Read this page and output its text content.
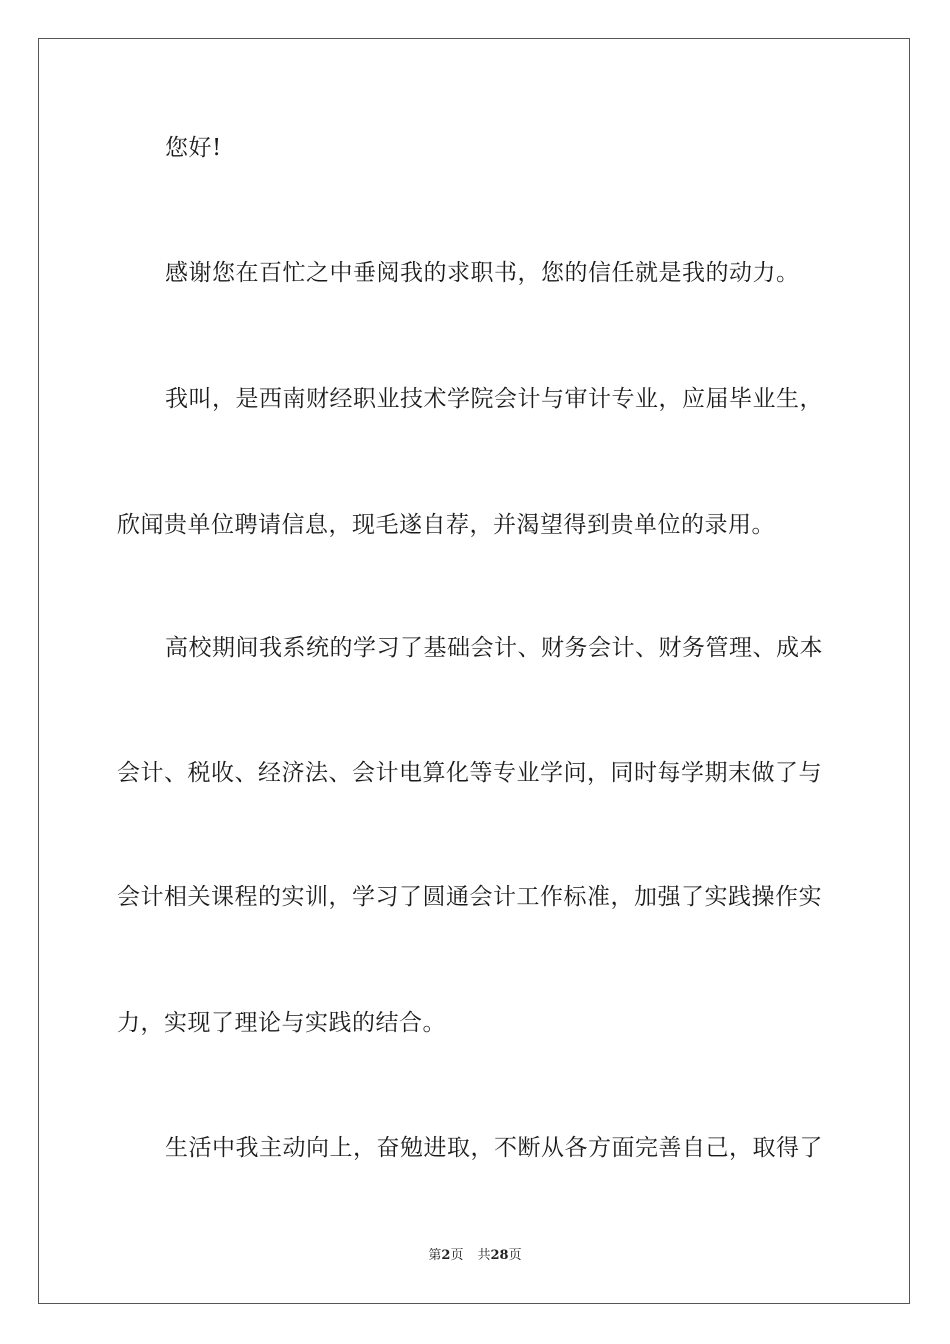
您好!
感谢您在百忙之中垂阅我的求职书，您的信任就是我的动力。
我叫，是西南财经职业技术学院会计与审计专业，应届毕业生，
欣闻贵单位聘请信息，现毛遂自荐，并渴望得到贵单位的录用。
高校期间我系统的学习了基础会计、财务会计、财务管理、成本
会计、税收、经济法、会计电算化等专业学问，同时每学期末做了与
会计相关课程的实训，学习了圆通会计工作标准，加强了实践操作实
力，实现了理论与实践的结合。
生活中我主动向上，奋勉进取，不断从各方面完善自己，取得了
第2页 共28页
